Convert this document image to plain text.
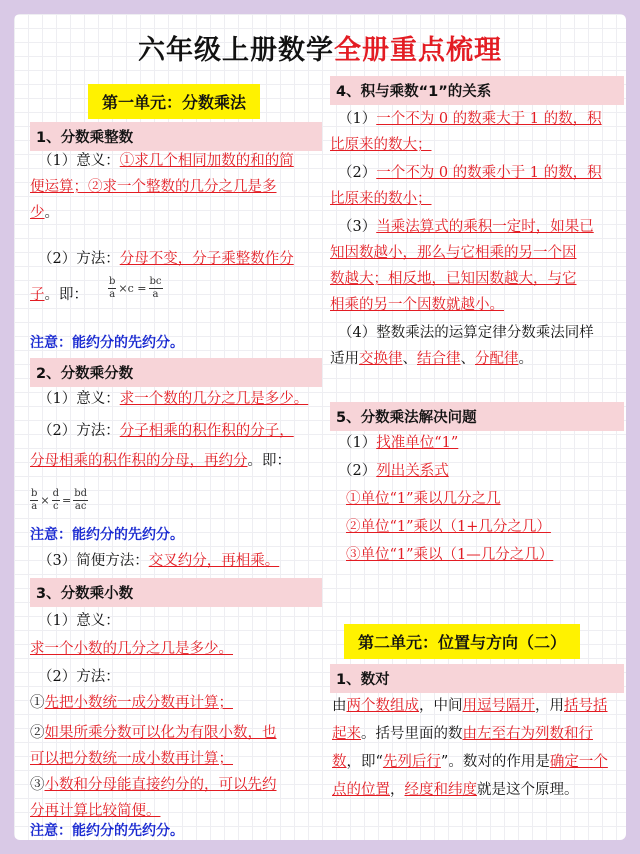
六年级上册数学全册重点梳理
第一单元：分数乘法
1、分数乘整数

（1）意义：①求几个相同加数的和的简

便运算；②求一个整数的几分之几是多

少。

（2）方法：分母不变，分子乘整数作分

子。即：	$\frac{b}{a} \times c = \frac{bc}{a}$
注意：能约分的先约分。
2、分数乘分数

（1）意义：求一个数的几分之几是多少。

（2）方法：分子相乘的积作积的分子，

分母相乘的积作积的分母，再约分。即：

$\frac{b}{a} \times \frac{d}{c} = \frac{bd}{ac}$
注意：能约分的先约分。

（3）简便方法：交叉约分，再相乘。

3、分数乘小数

（1）意义：

求一个小数的几分之几是多少。

（2）方法：

①先把小数统一成分数再计算；

②如果所乘分数可以化为有限小数，也

可以把分数统一成小数再计算；

③小数和分母能直接约分的，可以先约

分再计算比较简便。

注意：能约分的先约分。
4、积与乘数“1”的关系

（1）一个不为 0 的数乘大于 1 的数，积

比原来的数大；

（2）一个不为 0 的数乘小于 1 的数，积

比原来的数小；

（3）当乘法算式的乘积一定时，如果已

知因数越小，那么与它相乘的另一个因

数越大；相反地，已知因数越大，与它

相乘的另一个因数就越小。

（4）整数乘法的运算定律分数乘法同样

适用交换律、结合律、分配律。

5、分数乘法解决问题

（1）找准单位“1”

（2）列出关系式

①单位“1”乘以几分之几

②单位“1”乘以（1+几分之几）

③单位“1”乘以（1—几分之几）

第二单元：位置与方向（二）
1、数对

由两个数组成，中间用逗号隔开，用括号括起来。括号里面的数由左至右为列数和行数，即“先列后行”。数对的作用是确定一个点的位置，经度和纬度就是这个原理。
